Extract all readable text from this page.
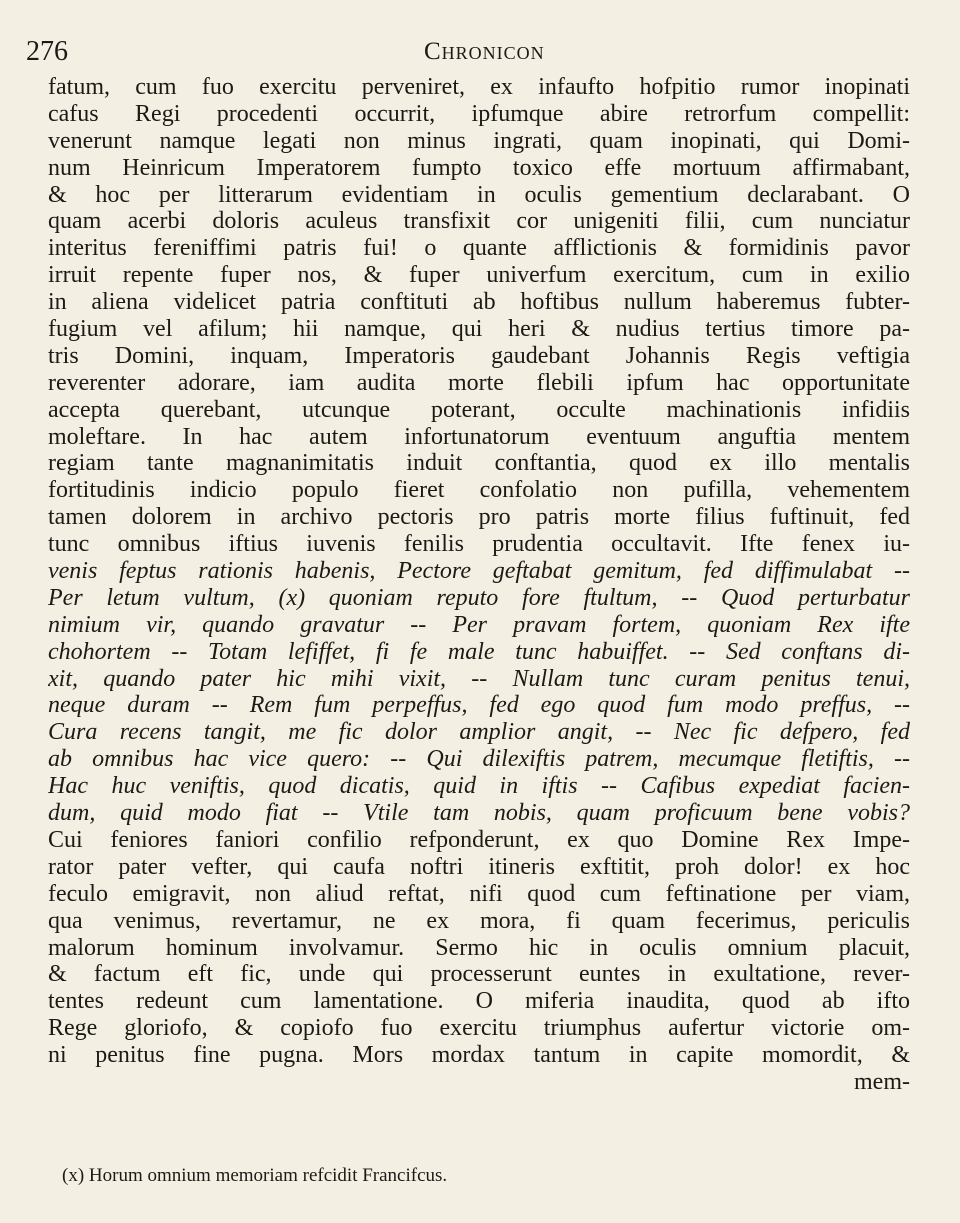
276	Chronicon
fatum, cum fuo exercitu perveniret, ex infaufto hofpitio rumor inopinati
cafus Regi procedenti occurrit, ipfumque abire retrorfum compellit:
venerunt namque legati non minus ingrati, quam inopinati, qui Domi-
num Heinricum Imperatorem fumpto toxico effe mortuum affirmabant,
& hoc per litterarum evidentiam in oculis gementium declarabant. O
quam acerbi doloris aculeus transfixit cor unigeniti filii, cum nunciatur
interitus fereniffimi patris fui! o quante afflictionis & formidinis pavor
irruit repente fuper nos, & fuper univerfum exercitum, cum in exilio
in aliena videlicet patria conftituti ab hoftibus nullum haberemus fubter-
fugium vel afilum; hii namque, qui heri & nudius tertius timore pa-
tris Domini, inquam, Imperatoris gaudebant Johannis Regis veftigia
reverenter adorare, iam audita morte flebili ipfum hac opportunitate
accepta querebant, utcunque poterant, occulte machinationis infidiis
moleftare. In hac autem infortunatorum eventuum anguftia mentem
regiam tante magnanimitatis induit conftantia, quod ex illo mentalis
fortitudinis indicio populo fieret confolatio non pufilla, vehementem
tamen dolorem in archivo pectoris pro patris morte filius fuftinuit, fed
tunc omnibus iftius iuvenis fenilis prudentia occultavit. Ifte fenex iu-
venis feptus rationis habenis, Pectore geftabat gemitum, fed diffimulabat --
Per letum vultum, (x) quoniam reputo fore ftultum, -- Quod perturbatur
nimium vir, quando gravatur -- Per pravam fortem, quoniam Rex ifte
chohortem -- Totam lefiffet, fi fe male tunc habuiffet. -- Sed conftans di-
xit, quando pater hic mihi vixit, -- Nullam tunc curam penitus tenui,
neque duram -- Rem fum perpeffus, fed ego quod fum modo preffus, --
Cura recens tangit, me fic dolor amplior angit, -- Nec fic defpero, fed
ab omnibus hac vice quero: -- Qui dilexiftis patrem, mecumque fletiftis, --
Hac huc veniftis, quod dicatis, quid in iftis -- Cafibus expediat facien-
dum, quid modo fiat -- Vtile tam nobis, quam proficuum bene vobis?
Cui feniores faniori confilio refponderunt, ex quo Domine Rex Impe-
rator pater vefter, qui caufa noftri itineris exftitit, proh dolor! ex hoc
feculo emigravit, non aliud reftat, nifi quod cum feftinatione per viam,
qua venimus, revertamur, ne ex mora, fi quam fecerimus, periculis
malorum hominum involvamur. Sermo hic in oculis omnium placuit,
& factum eft fic, unde qui processerunt euntes in exultatione, rever-
tentes redeunt cum lamentatione. O miferia inaudita, quod ab ifto
Rege gloriofo, & copiofo fuo exercitu triumphus aufertur victorie om-
ni penitus fine pugna. Mors mordax tantum in capite momordit, &
mem-
(x) Horum omnium memoriam refcidit Francifcus.
